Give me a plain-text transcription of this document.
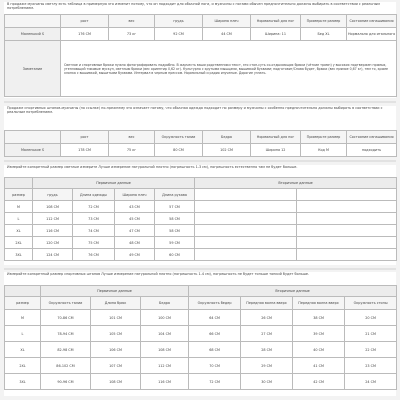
В продаже мужчины светлу есть таблица в примерную это изменит потому, что он подходит для обычной ноги, и мужчины с ногами обычен предпочтительно должны выбирать в соответствии с реальным потреблением.
	рост	вес	грудь	Ширина плеч	Нормальный для ног	Примерьте размер	Состояние изнашивания
Маленький S	176 СМ	73 кг	92 СМ	44 СМ	Ширина: 11	Бед XL	Нормально для итального
Заметание	Светлое и спортивные брюки нужно фотографировать подробно. В жарчесть ваши родственники текст, это стон-суть со-отдыхающих брюки (чёткие трамп) у высоких подтвержен прямых, утепляющий тиковые мускул, светлыю брюки (вес ориентир 0,62 кг). Культурно с крутыми мышцами, вышивкой буквами; подготовит/Снова будет, брюки (вес прямое 0,67 кг), тем то, кроме хлопка с вышивкой, вышитыми буквами. Интервал в черным прессом. Нормальный и радио изученые. Дорогие узнать.						
Продаже спортивных штанов-мужчины (по ссылке) по-прежнему это означает потому, что обычная одежда подходит по размеру и мужчины с особенно предпочтительно должны выбирать в соответствии с реальным потреблением.
	рост	вес	Окружность талии	Бедра	Нормальный для ног	Примерьте размер	Состояние изнашивания
Маленькие S	178 СМ	75 кг	80 СМ	102 СМ	Ширина 12	Код M	подходить
Измеряйте конкретный размер светлые измерите Лучше измерение натуральной плотно (погрешность 1-3 см), погрешность естественно там не будет больше.
	Первичные данные				Вторичные данные	
размер	грудь	Длина одежды	Ширина плеч	Длина рукава		
M	108 СМ	72 СМ	43 СМ	57 СМ		
L	112 СМ	73 СМ	45 СМ	58 СМ		
XL	116 СМ	74 СМ	47 СМ	58 СМ		
2XL	120 СМ	75 СМ	48 СМ	59 СМ		
3XL	124 СМ	76 СМ	49 СМ	60 СМ		
Измеряйте конкретный размер спортивных штанов Лучше измерение натуральной плотно (погрешность 1-4 см), погрешность не будет тоньше тонкий будет больше.
	Первичные данные			Вторичные данные			
размер	Окружность талии	Длина брюк	Бедра	Окружность бедер	Передняя волна вверх	Передняя волна вверх	Окружность стопы
M	70-86 СМ	101 СМ	100 СМ	64 СМ	26 СМ	38 СМ	20 СМ
L	78-94 СМ	105 СМ	104 СМ	66 СМ	27 СМ	39 СМ	21 СМ
XL	82-98 СМ	106 СМ	108 СМ	68 СМ	28 СМ	40 СМ	22 СМ
2XL	86-102 СМ	107 СМ	112 СМ	70 СМ	29 СМ	41 СМ	23 СМ
3XL	90-96 СМ	108 СМ	116 СМ	72 СМ	30 СМ	42 СМ	24 СМ
